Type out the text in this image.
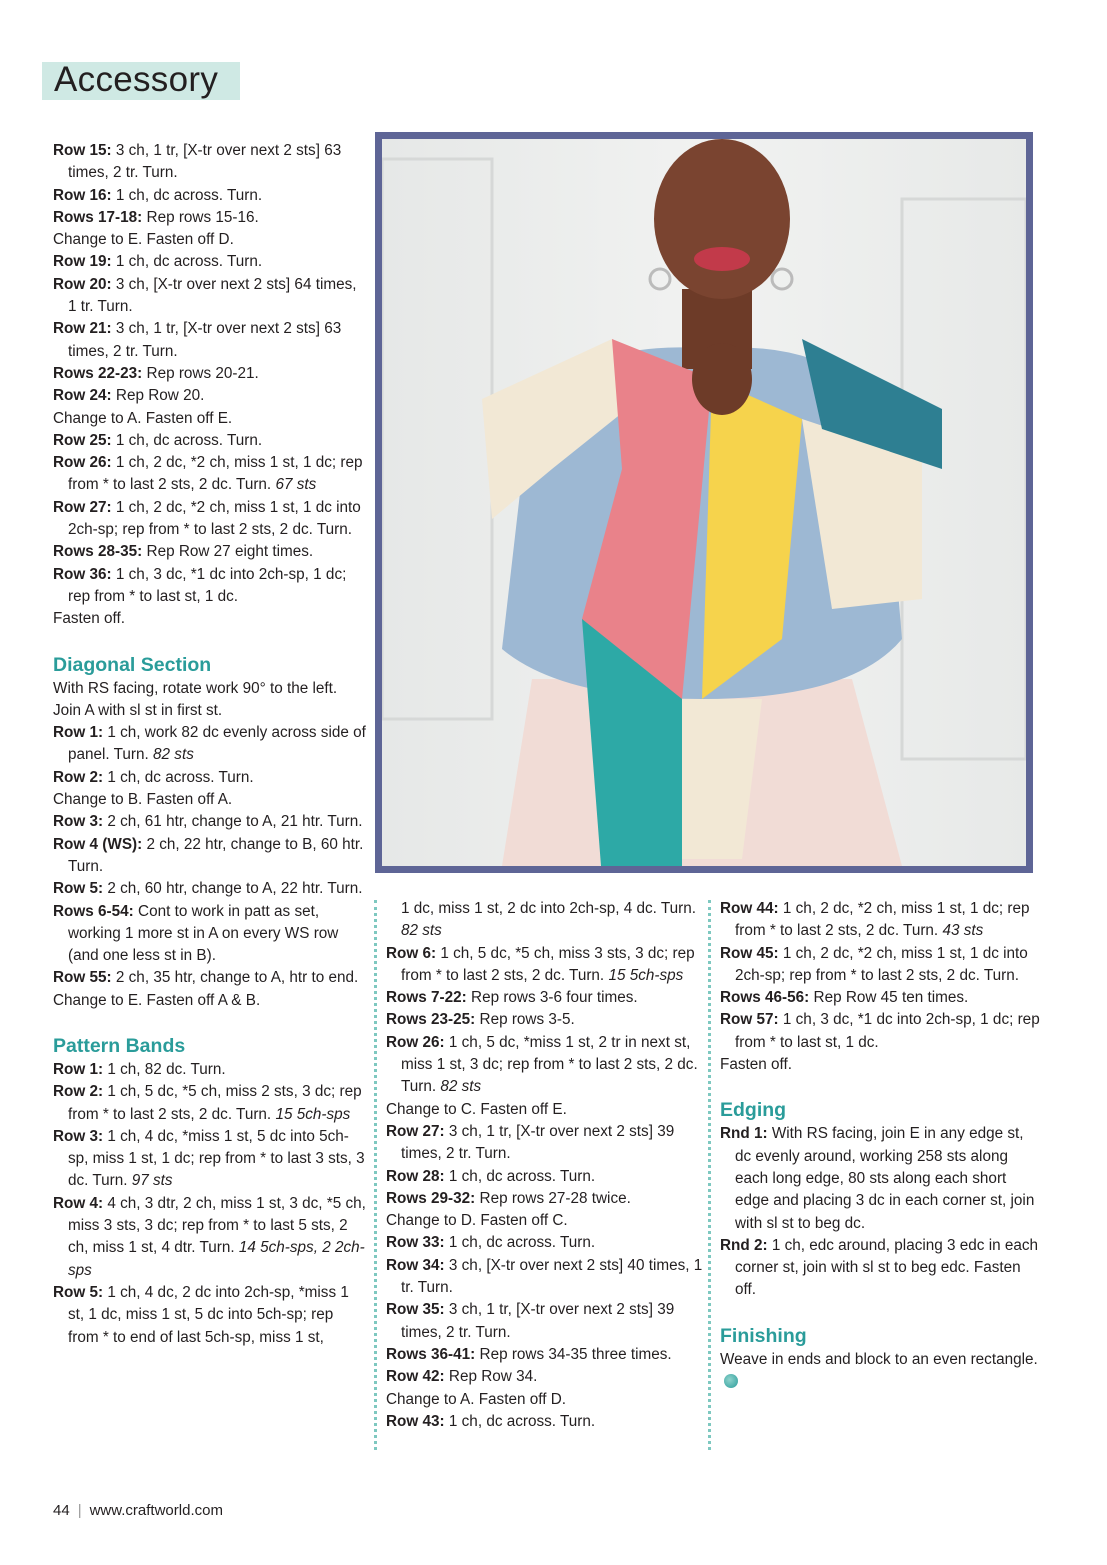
Accessory

Row 15: 3 ch, 1 tr, [X-tr over next 2 sts] 63 times, 2 tr. Turn.

Row 16: 1 ch, dc across. Turn.

Rows 17-18: Rep rows 15-16.

Change to E. Fasten off D.

Row 19: 1 ch, dc across. Turn.

Row 20: 3 ch, [X-tr over next 2 sts] 64 times, 1 tr. Turn.

Row 21: 3 ch, 1 tr, [X-tr over next 2 sts] 63 times, 2 tr. Turn.

Rows 22-23: Rep rows 20-21.

Row 24: Rep Row 20.

Change to A. Fasten off E.

Row 25: 1 ch, dc across. Turn.

Row 26: 1 ch, 2 dc, *2 ch, miss 1 st, 1 dc; rep from * to last 2 sts, 2 dc. Turn. 67 sts

Row 27: 1 ch, 2 dc, *2 ch, miss 1 st, 1 dc into 2ch-sp; rep from * to last 2 sts, 2 dc. Turn.

Rows 28-35: Rep Row 27 eight times.

Row 36: 1 ch, 3 dc, *1 dc into 2ch-sp, 1 dc; rep from * to last st, 1 dc.

Fasten off.

Diagonal Section

With RS facing, rotate work 90° to the left.

Join A with sl st in first st.

Row 1: 1 ch, work 82 dc evenly across side of panel. Turn. 82 sts

Row 2: 1 ch, dc across. Turn.

Change to B. Fasten off A.

Row 3: 2 ch, 61 htr, change to A, 21 htr. Turn.

Row 4 (WS): 2 ch, 22 htr, change to B, 60 htr. Turn.

Row 5: 2 ch, 60 htr, change to A, 22 htr. Turn.

Rows 6-54: Cont to work in patt as set, working 1 more st in A on every WS row (and one less st in B).

Row 55: 2 ch, 35 htr, change to A, htr to end.

Change to E. Fasten off A & B.

Pattern Bands

Row 1: 1 ch, 82 dc. Turn.

Row 2: 1 ch, 5 dc, *5 ch, miss 2 sts, 3 dc; rep from * to last 2 sts, 2 dc. Turn. 15 5ch-sps

Row 3: 1 ch, 4 dc, *miss 1 st, 5 dc into 5ch-sp, miss 1 st, 1 dc; rep from * to last 3 sts, 3 dc. Turn. 97 sts

Row 4: 4 ch, 3 dtr, 2 ch, miss 1 st, 3 dc, *5 ch, miss 3 sts, 3 dc; rep from * to last 5 sts, 2 ch, miss 1 st, 4 dtr. Turn. 14 5ch-sps, 2 2ch-sps

Row 5: 1 ch, 4 dc, 2 dc into 2ch-sp, *miss 1 st, 1 dc, miss 1 st, 5 dc into 5ch-sp; rep from * to end of last 5ch-sp, miss 1 st,

1 dc, miss 1 st, 2 dc into 2ch-sp, 4 dc. Turn. 82 sts

Row 6: 1 ch, 5 dc, *5 ch, miss 3 sts, 3 dc; rep from * to last 2 sts, 2 dc. Turn. 15 5ch-sps

Rows 7-22: Rep rows 3-6 four times.

Rows 23-25: Rep rows 3-5.

Row 26: 1 ch, 5 dc, *miss 1 st, 2 tr in next st, miss 1 st, 3 dc; rep from * to last 2 sts, 2 dc. Turn. 82 sts

Change to C. Fasten off E.

Row 27: 3 ch, 1 tr, [X-tr over next 2 sts] 39 times, 2 tr. Turn.

Row 28: 1 ch, dc across. Turn.

Rows 29-32: Rep rows 27-28 twice.

Change to D. Fasten off C.

Row 33: 1 ch, dc across. Turn.

Row 34: 3 ch, [X-tr over next 2 sts] 40 times, 1 tr. Turn.

Row 35: 3 ch, 1 tr, [X-tr over next 2 sts] 39 times, 2 tr. Turn.

Rows 36-41: Rep rows 34-35 three times.

Row 42: Rep Row 34.

Change to A. Fasten off D.

Row 43: 1 ch, dc across. Turn.

Row 44: 1 ch, 2 dc, *2 ch, miss 1 st, 1 dc; rep from * to last 2 sts, 2 dc. Turn. 43 sts

Row 45: 1 ch, 2 dc, *2 ch, miss 1 st, 1 dc into 2ch-sp; rep from * to last 2 sts, 2 dc. Turn.

Rows 46-56: Rep Row 45 ten times.

Row 57: 1 ch, 3 dc, *1 dc into 2ch-sp, 1 dc; rep from * to last st, 1 dc.

Fasten off.

Edging

Rnd 1: With RS facing, join E in any edge st, dc evenly around, working 258 sts along each long edge, 80 sts along each short edge and placing 3 dc in each corner st, join with sl st to beg dc.

Rnd 2: 1 ch, edc around, placing 3 edc in each corner st, join with sl st to beg edc. Fasten off.

Finishing

Weave in ends and block to an even rectangle.

44 | www.craftworld.com
